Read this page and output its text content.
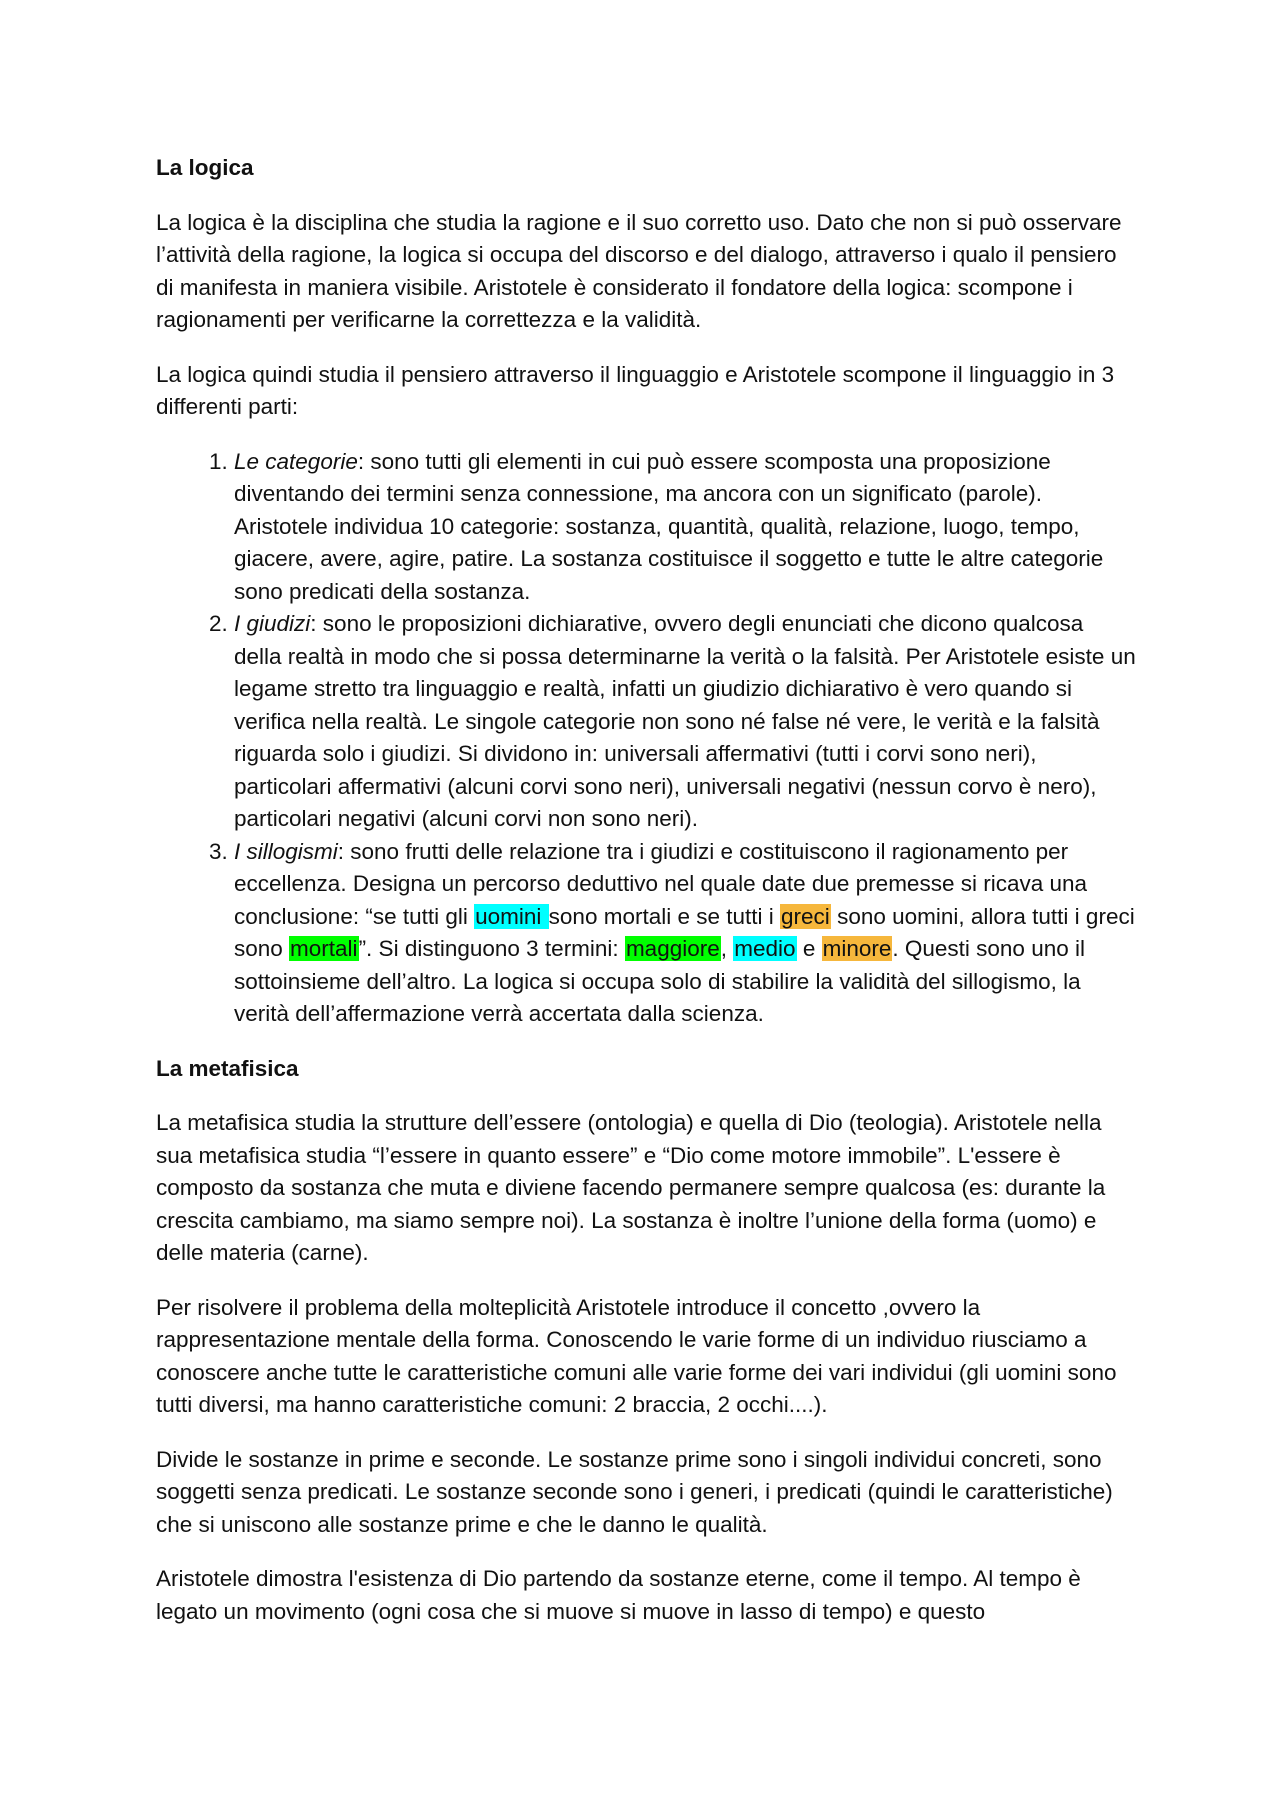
La logica

La logica è la disciplina che studia la ragione e il suo corretto uso. Dato che non si può osservare l’attività della ragione, la logica si occupa del discorso e del dialogo, attraverso i qualo il pensiero di manifesta in maniera visibile. Aristotele è considerato il fondatore della logica: scompone i ragionamenti per verificarne la correttezza e la validità.

La logica quindi studia il pensiero attraverso il linguaggio e Aristotele scompone il linguaggio in 3 differenti parti:

1. Le categorie: sono tutti gli elementi in cui può essere scomposta una proposizione diventando dei termini senza connessione, ma ancora con un significato (parole). Aristotele individua 10 categorie: sostanza, quantità, qualità, relazione, luogo, tempo, giacere, avere, agire, patire. La sostanza costituisce il soggetto e tutte le altre categorie sono predicati della sostanza.
2. I giudizi: sono le proposizioni dichiarative, ovvero degli enunciati che dicono qualcosa della realtà in modo che si possa determinarne la verità o la falsità. Per Aristotele esiste un legame stretto tra linguaggio e realtà, infatti un giudizio dichiarativo è vero quando si verifica nella realtà. Le singole categorie non sono né false né vere, le verità e la falsità riguarda solo i giudizi. Si dividono in: universali affermativi (tutti i corvi sono neri), particolari affermativi (alcuni corvi sono neri), universali negativi (nessun corvo è nero), particolari negativi (alcuni corvi non sono neri).
3. I sillogismi: sono frutti delle relazione tra i giudizi e costituiscono il ragionamento per eccellenza. Designa un percorso deduttivo nel quale date due premesse si ricava una conclusione: “se tutti gli uomini sono mortali e se tutti i greci sono uomini, allora tutti i greci sono mortali”. Si distinguono 3 termini: maggiore, medio e minore. Questi sono uno il sottoinsieme dell’altro. La logica si occupa solo di stabilire la validità del sillogismo, la verità dell’affermazione verrà accertata dalla scienza.
La metafisica

La metafisica studia la strutture dell’essere (ontologia) e quella di Dio (teologia). Aristotele nella sua metafisica studia “l’essere in quanto essere” e “Dio come motore immobile”. L'essere è composto da sostanza che muta e diviene facendo permanere sempre qualcosa (es: durante la crescita cambiamo, ma siamo sempre noi). La sostanza è inoltre l’unione della forma (uomo) e delle materia (carne).

Per risolvere il problema della molteplicità Aristotele introduce il concetto ,ovvero la rappresentazione mentale della forma. Conoscendo le varie forme di un individuo riusciamo a conoscere anche tutte le caratteristiche comuni alle varie forme dei vari individui (gli uomini sono tutti diversi, ma hanno caratteristiche comuni: 2 braccia, 2 occhi....).

Divide le sostanze in prime e seconde. Le sostanze prime sono i singoli individui concreti, sono soggetti senza predicati. Le sostanze seconde sono i generi, i predicati (quindi le caratteristiche) che si uniscono alle sostanze prime e che le danno le qualità.

Aristotele dimostra l'esistenza di Dio partendo da sostanze eterne, come il tempo. Al tempo è legato un movimento (ogni cosa che si muove si muove in lasso di tempo) e questo
